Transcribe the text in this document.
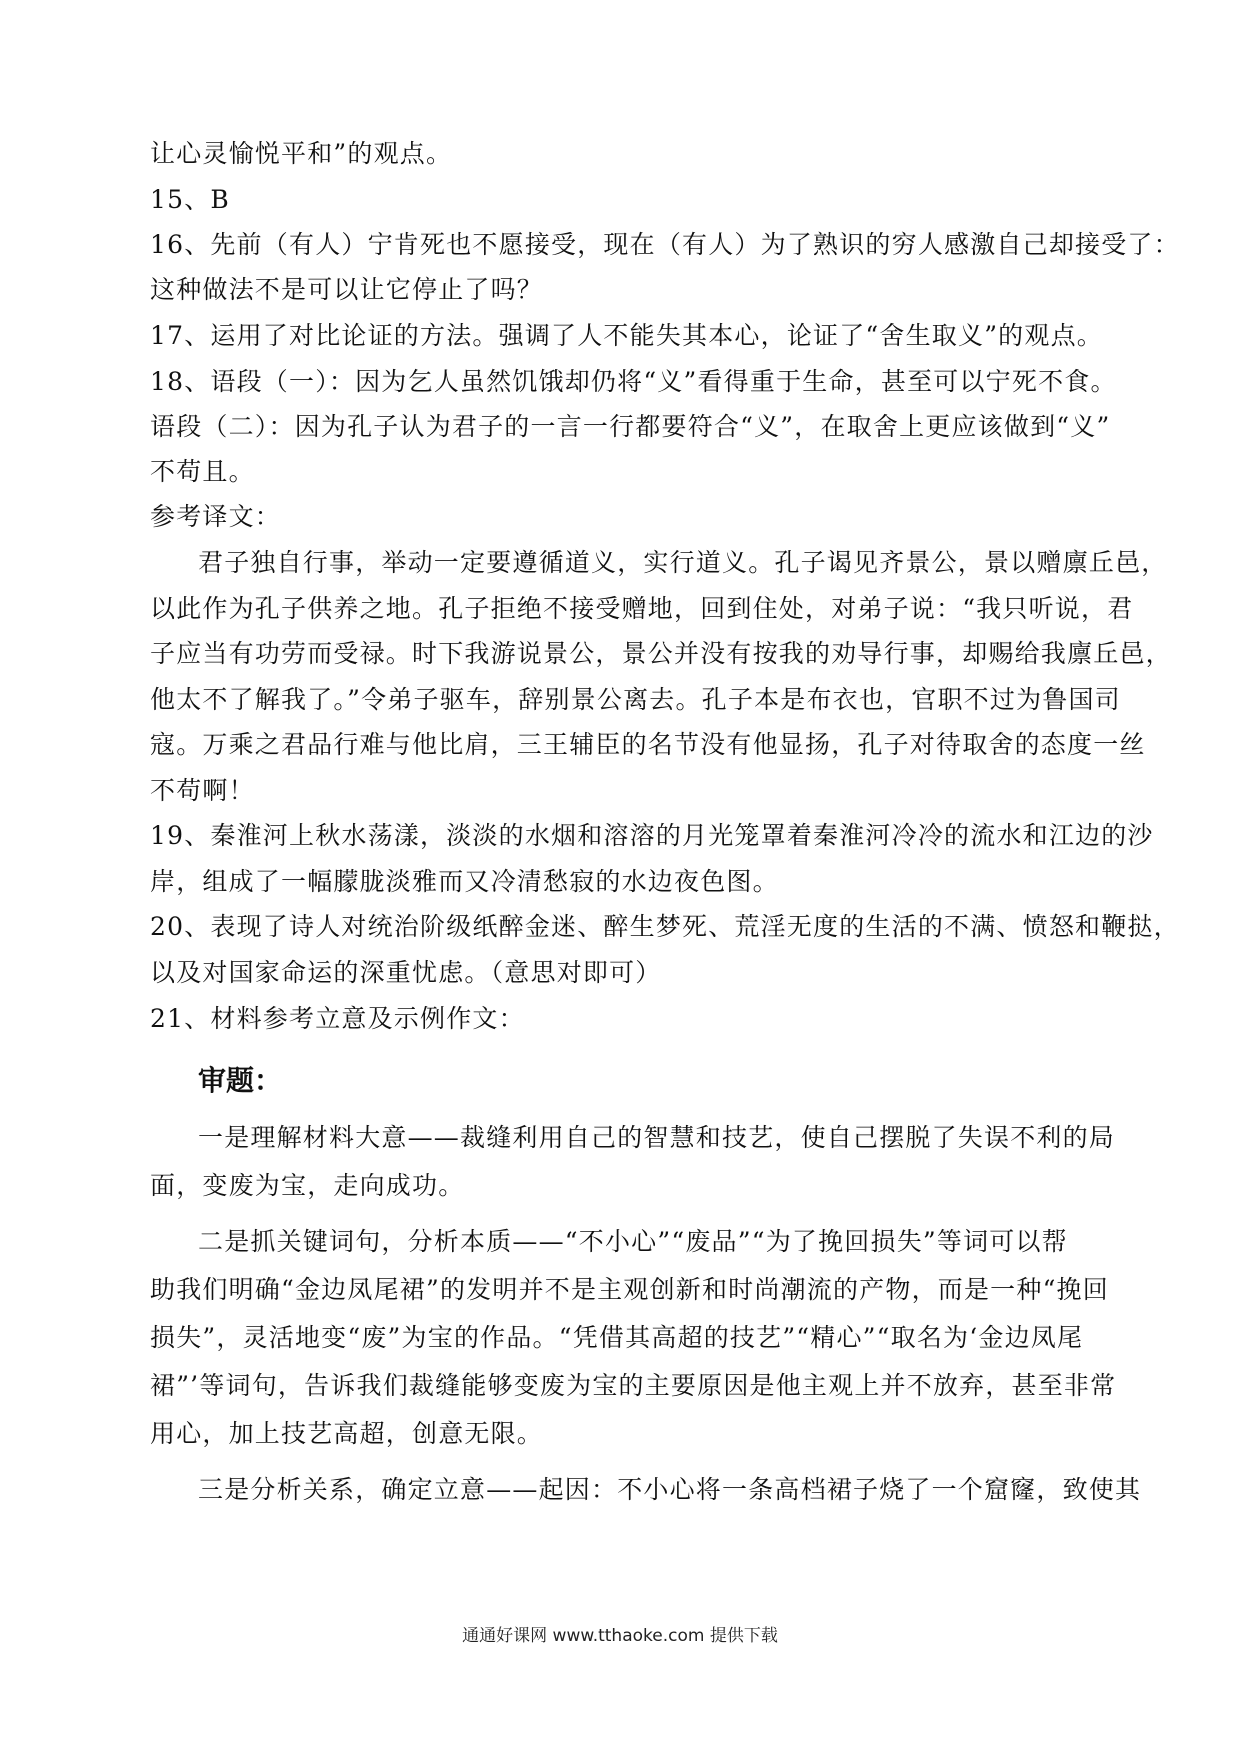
让心灵愉悦平和”的观点。
15、B
16、先前（有人）宁肯死也不愿接受，现在（有人）为了熟识的穷人感激自己却接受了：
这种做法不是可以让它停止了吗？
17、运用了对比论证的方法。强调了人不能失其本心，论证了“舍生取义”的观点。
18、语段（一）：因为乞人虽然饥饿却仍将“义”看得重于生命，甚至可以宁死不食。
语段（二）：因为孔子认为君子的一言一行都要符合“义”，在取舍上更应该做到“义”
不苟且。
参考译文：
君子独自行事，举动一定要遵循道义，实行道义。孔子谒见齐景公，景以赠廪丘邑，
以此作为孔子供养之地。孔子拒绝不接受赠地，回到住处，对弟子说：“我只听说，君
子应当有功劳而受禄。时下我游说景公，景公并没有按我的劝导行事，却赐给我廪丘邑，
他太不了解我了。”令弟子驱车，辞别景公离去。孔子本是布衣也，官职不过为鲁国司
寇。万乘之君品行难与他比肩，三王辅臣的名节没有他显扬，孔子对待取舍的态度一丝
不苟啊！
19、秦淮河上秋水荡漾，淡淡的水烟和溶溶的月光笼罩着秦淮河冷冷的流水和江边的沙
岸，组成了一幅朦胧淡雅而又冷清愁寂的水边夜色图。
20、表现了诗人对统治阶级纸醉金迷、醉生梦死、荒淫无度的生活的不满、愤怒和鞭挞，
以及对国家命运的深重忧虑。（意思对即可）
21、材料参考立意及示例作文：
审题：
一是理解材料大意——裁缝利用自己的智慧和技艺，使自己摆脱了失误不利的局
面，变废为宝，走向成功。
二是抓关键词句，分析本质——“不小心”“废品”“为了挽回损失”等词可以帮
助我们明确“金边凤尾裙”的发明并不是主观创新和时尚潮流的产物，而是一种“挽回
损失”，灵活地变“废”为宝的作品。“凭借其高超的技艺”“精心”“取名为‘金边凤尾
裙”’等词句，告诉我们裁缝能够变废为宝的主要原因是他主观上并不放弃，甚至非常
用心，加上技艺高超，创意无限。
三是分析关系，确定立意——起因：不小心将一条高档裙子烧了一个窟窿，致使其
通通好课网 www.tthaoke.com 提供下载
